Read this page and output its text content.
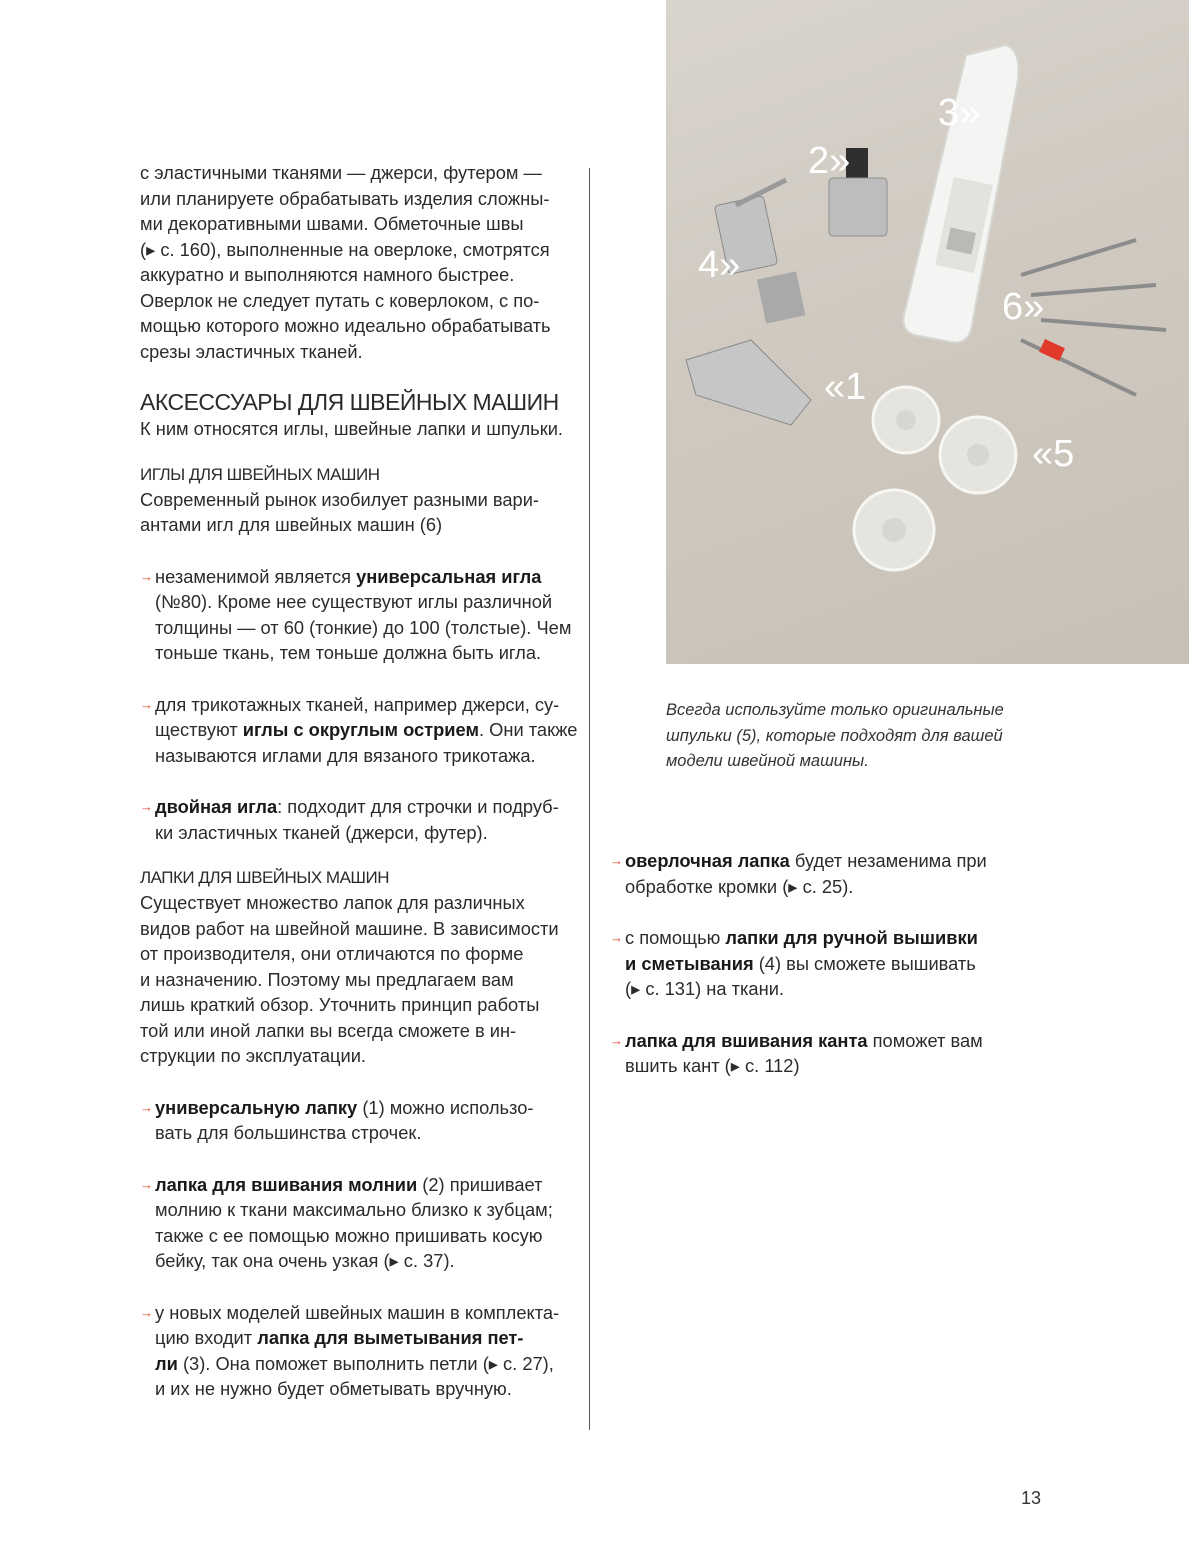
с эластичными тканями — джерси, футером —

или планируете обрабатывать изделия сложны-

ми декоративными швами. Обметочные швы

(▸ с. 160), выполненные на оверлоке, смотрятся

аккуратно и выполняются намного быстрее.

Оверлок не следует путать с коверлоком, с по-

мощью которого можно идеально обрабатывать

срезы эластичных тканей.

АКСЕССУАРЫ ДЛЯ ШВЕЙНЫХ МАШИН

К ним относятся иглы, швейные лапки и шпульки.

ИГЛЫ ДЛЯ ШВЕЙНЫХ МАШИН

Современный рынок изобилует разными вари-

антами игл для швейных машин (6)

→ незаменимой является универсальная игла

(№80). Кроме нее существуют иглы различной

толщины — от 60 (тонкие) до 100 (толстые). Чем

тоньше ткань, тем тоньше должна быть игла.

→ для трикотажных тканей, например джерси, су-

ществуют иглы с округлым острием. Они также

называются иглами для вязаного трикотажа.

→ двойная игла: подходит для строчки и подруб-

ки эластичных тканей (джерси, футер).

ЛАПКИ ДЛЯ ШВЕЙНЫХ МАШИН

Существует множество лапок для различных

видов работ на швейной машине. В зависимости

от производителя, они отличаются по форме

и назначению. Поэтому мы предлагаем вам

лишь краткий обзор. Уточнить принцип работы

той или иной лапки вы всегда сможете в ин-

струкции по эксплуатации.

→ универсальную лапку (1) можно использо-

вать для большинства строчек.

→ лапка для вшивания молнии (2) пришивает

молнию к ткани максимально близко к зубцам;

также с ее помощью можно пришивать косую

бейку, так она очень узкая (▸ с. 37).

→ у новых моделей швейных машин в комплекта-

цию входит лапка для выметывания пет-

ли (3). Она поможет выполнить петли (▸ с. 27),

и их не нужно будет обметывать вручную.

«1
2»
3»
4»
«5
6»
Всегда используйте только оригинальные
шпульки (5), которые подходят для вашей
модели швейной машины.
→ оверлочная лапка будет незаменима при

обработке кромки (▸ с. 25).

→ с помощью лапки для ручной вышивки

и сметывания (4) вы сможете вышивать

(▸ с. 131) на ткани.

→ лапка для вшивания канта поможет вам

вшить кант (▸ с. 112)

13
